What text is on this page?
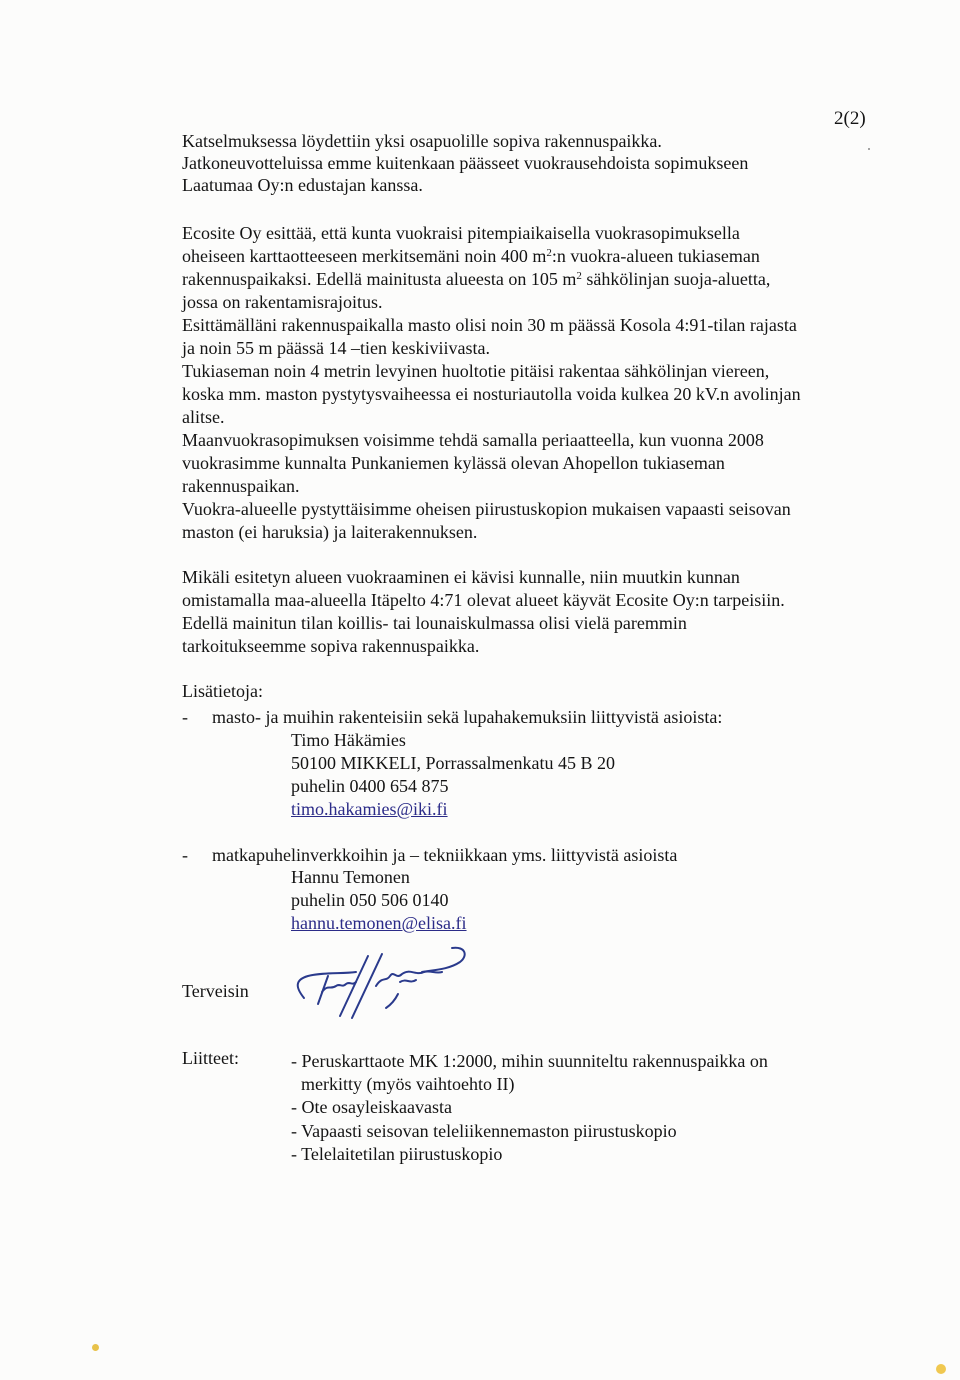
2(2)
Katselmuksessa löydettiin yksi osapuolille sopiva rakennuspaikka.
Jatkoneuvotteluissa emme kuitenkaan päässeet vuokrausehdoista sopimukseen
Laatumaa Oy:n edustajan kanssa.
Ecosite Oy esittää, että kunta vuokraisi pitempiaikaisella vuokrasopimuksella
oheiseen karttaotteeseen merkitsemäni noin 400 $m^2:n$ vuokra-alueen tukiaseman
rakennuspaikaksi. Edellä mainitusta alueesta on 105 $m^2$ sähkölinjan suoja-aluetta,
jossa on rakentamisrajoitus.
Esittämälläni rakennuspaikalla masto olisi noin 30 m päässä Kosola 4:91-tilan rajasta
ja noin 55 m päässä 14 –tien keskiviivasta.
Tukiaseman noin 4 metrin levyinen huoltotie pitäisi rakentaa sähkölinjan viereen,
koska mm. maston pystytysvaiheessa ei nosturiautolla voida kulkea 20 kV.n avolinjan
alitse.
Maanvuokrasopimuksen voisimme tehdä samalla periaatteella, kun vuonna 2008
vuokrasimme kunnalta Punkaniemen kylässä olevan Ahopellon tukiaseman
rakennuspaikan.
Vuokra-alueelle pystyttäisimme oheisen piirustuskopion mukaisen vapaasti seisovan
maston (ei haruksia) ja laiterakennuksen.
Mikäli esitetyn alueen vuokraaminen ei kävisi kunnalle, niin muutkin kunnan
omistamalla maa-alueella Itäpelto 4:71 olevat alueet käyvät Ecosite Oy:n tarpeisiin.
Edellä mainitun tilan koillis- tai lounaiskulmassa olisi vielä paremmin
tarkoitukseemme sopiva rakennuspaikka.
Lisätietoja:
- masto- ja muihin rakenteisiin sekä lupahakemuksiin liittyvistä asioista:
Timo Häkämies
50100 MIKKELI, Porrassalmenkatu 45 B 20
puhelin 0400 654 875
timo.hakamies@iki.fi
- matkapuhelinverkkoihin ja – tekniikkaan yms. liittyvistä asioista
Hannu Temonen
puhelin 050 506 0140
hannu.temonen@elisa.fi
Terveisin
Liitteet:	- Peruskarttaote MK 1:2000, mihin suunniteltu rakennuspaikka on
merkitty (myös vaihtoehto II)
- Ote osayleiskaavasta
- Vapaasti seisovan teleliikennemaston piirustuskopio
- Telelaitetilan piirustuskopio
